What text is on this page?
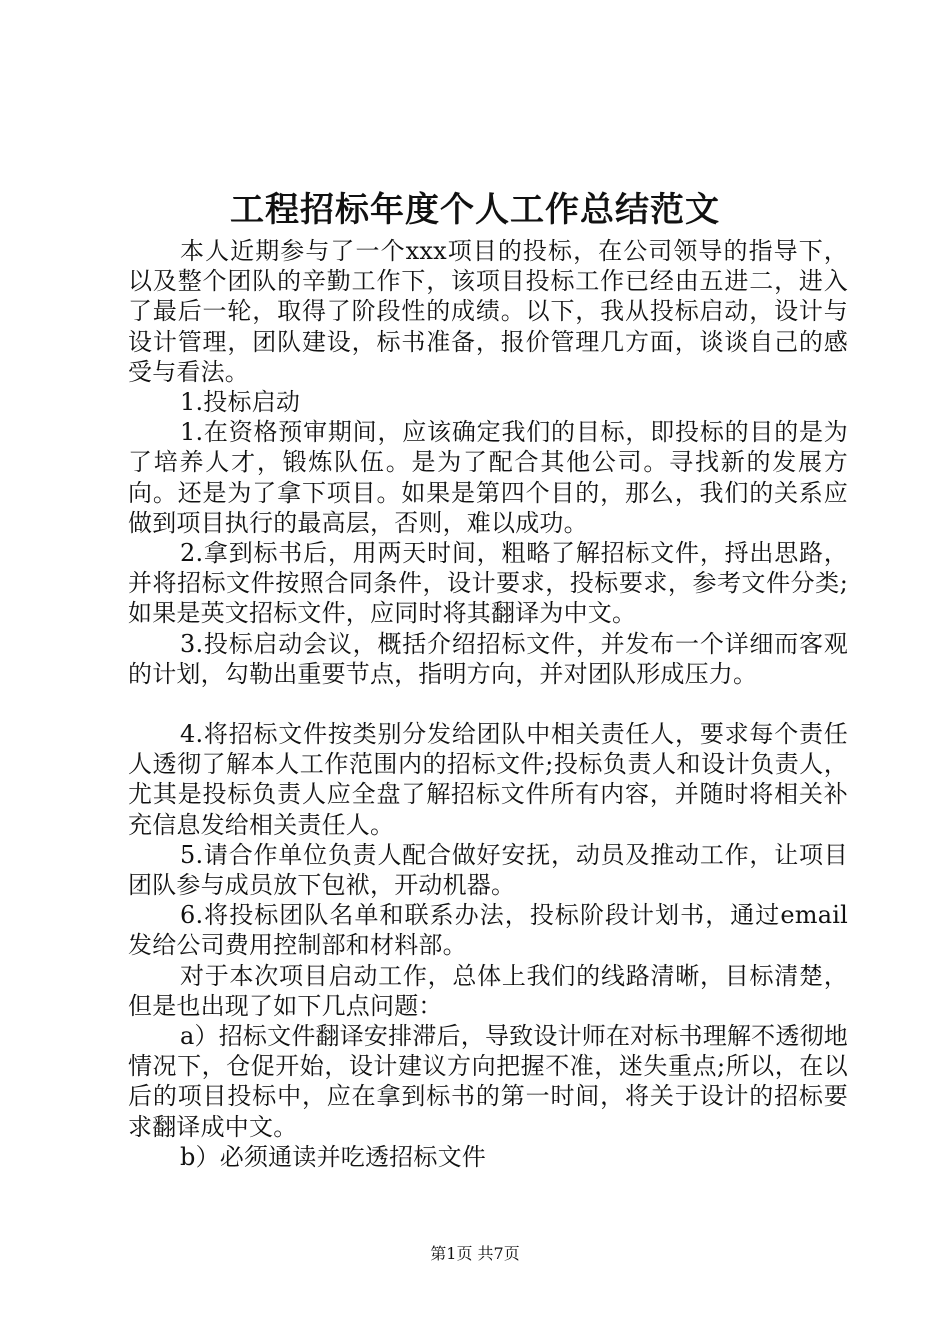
工程招标年度个人工作总结范文

本人近期参与了一个xxx项目的投标，在公司领导的指导下，以及整个团队的辛勤工作下，该项目投标工作已经由五进二，进入了最后一轮，取得了阶段性的成绩。以下，我从投标启动，设计与设计管理，团队建设，标书准备，报价管理几方面，谈谈自己的感受与看法。

1.投标启动

1.在资格预审期间，应该确定我们的目标，即投标的目的是为了培养人才，锻炼队伍。是为了配合其他公司。寻找新的发展方向。还是为了拿下项目。如果是第四个目的，那么，我们的关系应做到项目执行的最高层，否则，难以成功。

2.拿到标书后，用两天时间，粗略了解招标文件，捋出思路，并将招标文件按照合同条件，设计要求，投标要求，参考文件分类;如果是英文招标文件，应同时将其翻译为中文。

3.投标启动会议，概括介绍招标文件，并发布一个详细而客观的计划，勾勒出重要节点，指明方向，并对团队形成压力。

4.将招标文件按类别分发给团队中相关责任人，要求每个责任人透彻了解本人工作范围内的招标文件;投标负责人和设计负责人，尤其是投标负责人应全盘了解招标文件所有内容，并随时将相关补充信息发给相关责任人。

5.请合作单位负责人配合做好安抚，动员及推动工作，让项目团队参与成员放下包袱，开动机器。

6.将投标团队名单和联系办法，投标阶段计划书，通过email发给公司费用控制部和材料部。

对于本次项目启动工作，总体上我们的线路清晰，目标清楚，但是也出现了如下几点问题：

a）招标文件翻译安排滞后，导致设计师在对标书理解不透彻地情况下，仓促开始，设计建议方向把握不准，迷失重点;所以，在以后的项目投标中，应在拿到标书的第一时间，将关于设计的招标要求翻译成中文。

b）必须通读并吃透招标文件

第1页 共7页
